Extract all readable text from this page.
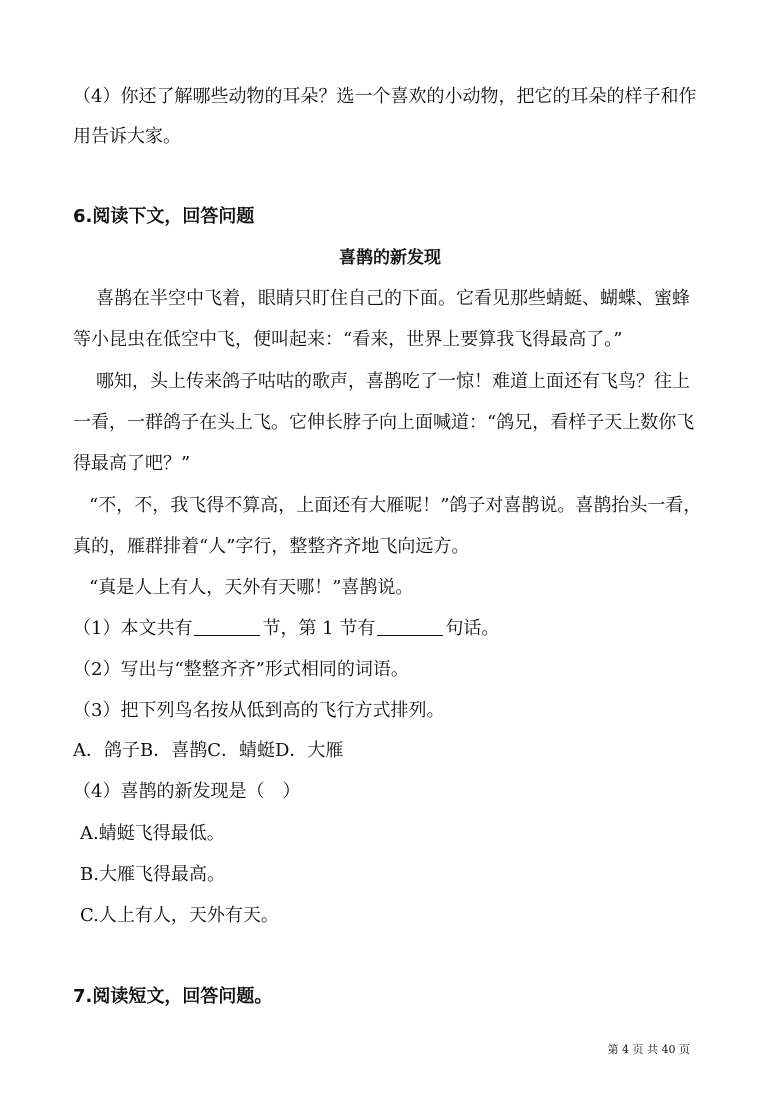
（4）你还了解哪些动物的耳朵？选一个喜欢的小动物，把它的耳朵的样子和作
用告诉大家。
6.阅读下文，回答问题
喜鹊的新发现
喜鹊在半空中飞着，眼睛只盯住自己的下面。它看见那些蜻蜓、蝴蝶、蜜蜂
等小昆虫在低空中飞，便叫起来：“看来，世界上要算我飞得最高了。”
哪知，头上传来鸽子咕咕的歌声，喜鹊吃了一惊！难道上面还有飞鸟？往上
一看，一群鸽子在头上飞。它伸长脖子向上面喊道：“鸽兄，看样子天上数你飞
得最高了吧？”
“不，不，我飞得不算高，上面还有大雁呢！”鸽子对喜鹊说。喜鹊抬头一看，
真的，雁群排着“人”字行，整整齐齐地飞向远方。
“真是人上有人，天外有天哪！”喜鹊说。
（1）本文共有	节，第 1 节有	句话。
（2）写出与“整整齐齐”形式相同的词语。
（3）把下列鸟名按从低到高的飞行方式排列。
A．鸽子B．喜鹊C．蜻蜓D．大雁
（4）喜鹊的新发现是（　）
A.蜻蜓飞得最低。
B.大雁飞得最高。
C.人上有人，天外有天。
7.阅读短文，回答问题。
第 4 页 共 40 页
